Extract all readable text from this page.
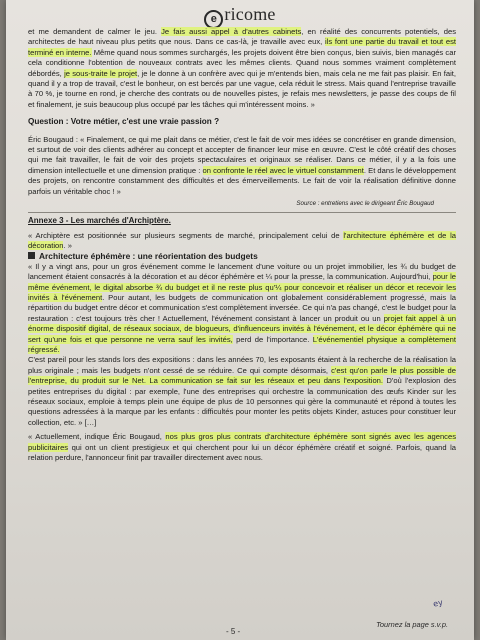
e ricome

et me demandent de calmer le jeu. Je fais aussi appel à d'autres cabinets, en réalité des concurrents potentiels, des architectes de haut niveau plus petits que nous. Dans ce cas-là, je travaille avec eux, ils font une partie du travail et tout est terminé en interne. Même quand nous sommes surchargés, les projets doivent être bien conçus, bien suivis, bien managés car cela conditionne l'obtention de nouveaux contrats avec les mêmes clients. Quand nous sommes vraiment complètement débordés, je sous-traite le projet, je le donne à un confrère avec qui je m'entends bien, mais cela ne me fait pas plaisir. En fait, quand il y a trop de travail, c'est le bonheur, on est bercés par une vague, cela réduit le stress. Mais quand l'entreprise travaille à 70 %, je tourne en rond, je cherche des contrats ou de nouvelles pistes, je refais mes newsletters, je passe des coups de fil et finalement, je suis beaucoup plus occupé par les tâches qui m'intéressent moins. »

Question : Votre métier, c'est une vraie passion ?

Éric Bougaud : « Finalement, ce qui me plait dans ce métier, c'est le fait de voir mes idées se concrétiser en grande dimension, et surtout de voir des clients adhérer au concept et accepter de financer leur mise en œuvre. C'est le côté créatif des choses qui me fait travailler, le fait de voir des projets spectaculaires et originaux se réaliser. Dans ce métier, il y a la fois une dimension intellectuelle et une dimension pratique : on confronte le réel avec le virtuel constamment. Et dans le développement des projets, on rencontre constamment des difficultés et des émerveillements. Le fait de voir la réalisation définitive donne parfois un véritable choc ! »

Source : entretiens avec le dirigeant Éric Bougaud

Annexe 3 - Les marchés d'Archiptère.

« Archiptère est positionnée sur plusieurs segments de marché, principalement celui de l'architecture éphémère et de la décoration. »

Architecture éphémère : une réorientation des budgets

« Il y a vingt ans, pour un gros événement comme le lancement d'une voiture ou un projet immobilier, les ¾ du budget de lancement étaient consacrés à la décoration et au décor éphémère et ¼ pour la presse, la communication. Aujourd'hui, pour le même événement, le digital absorbe ¾ du budget et il ne reste plus qu'¼ pour concevoir et réaliser un décor et recevoir les invités à l'événement. Pour autant, les budgets de communication ont globalement considérablement progressé, mais la répartition du budget entre décor et communication s'est complètement inversée. Ce qui n'a pas changé, c'est le budget pour la restauration : c'est toujours très cher ! Actuellement, l'événement consistant à lancer un produit ou un projet fait appel à un énorme dispositif digital, de réseaux sociaux, de blogueurs, d'influenceurs invités à l'événement, et le décor éphémère qui ne sert qu'une fois et que personne ne verra sauf les invités, perd de l'importance. L'événementiel physique a complètement régressé.

C'est pareil pour les stands lors des expositions : dans les années 70, les exposants étaient à la recherche de la réalisation la plus originale ; mais les budgets n'ont cessé de se réduire. Ce qui compte désormais, c'est qu'on parle le plus possible de l'entreprise, du produit sur le Net. La communication se fait sur les réseaux et peu dans l'exposition. D'où l'explosion des petites entreprises du digital : par exemple, l'une des entreprises qui orchestre la communication des œufs Kinder sur les réseaux sociaux, emploie à temps plein une équipe de plus de 10 personnes qui gère la communauté et répond à toutes les questions adressées à la marque par les enfants : difficultés pour monter les petits objets Kinder, astuces pour constituer leur collection, etc. » […]

« Actuellement, indique Éric Bougaud, nos plus gros plus contrats d'architecture éphémère sont signés avec les agences publicitaires qui ont un client prestigieux et qui cherchent pour lui un décor éphémère créatif et soigné. Parfois, quand la relation perdure, l'annonceur finit par travailler directement avec nous.

ey
- 5 -
Tournez la page s.v.p.
